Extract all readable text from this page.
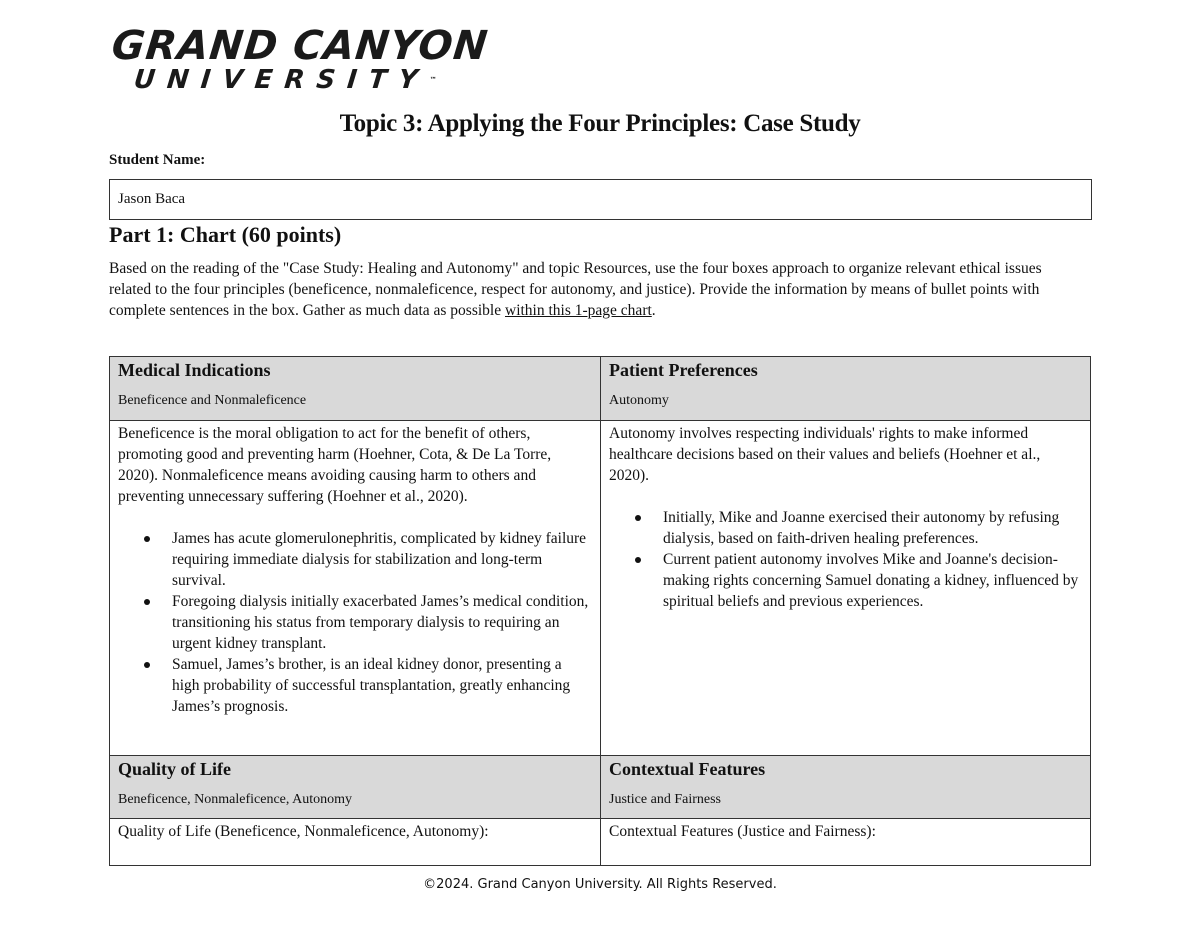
GRAND CANYON
UNIVERSITY™
Topic 3: Applying the Four Principles: Case Study
Student Name:
Jason Baca
Part 1: Chart (60 points)
Based on the reading of the "Case Study: Healing and Autonomy" and topic Resources, use the four boxes approach to organize relevant ethical issues related to the four principles (beneficence, nonmaleficence, respect for autonomy, and justice). Provide the information by means of bullet points with complete sentences in the box. Gather as much data as possible within this 1-page chart.
Medical Indications
Beneficence and Nonmaleficence
Patient Preferences
Autonomy

Beneficence is the moral obligation to act for the benefit of others, promoting good and preventing harm (Hoehner, Cota, & De La Torre, 2020). Nonmaleficence means avoiding causing harm to others and preventing unnecessary suffering (Hoehner et al., 2020).

James has acute glomerulonephritis, complicated by kidney failure requiring immediate dialysis for stabilization and long-term survival.
Foregoing dialysis initially exacerbated James’s medical condition, transitioning his status from temporary dialysis to requiring an urgent kidney transplant.
Samuel, James’s brother, is an ideal kidney donor, presenting a high probability of successful transplantation, greatly enhancing James’s prognosis.

Autonomy involves respecting individuals' rights to make informed healthcare decisions based on their values and beliefs (Hoehner et al., 2020).

Initially, Mike and Joanne exercised their autonomy by refusing dialysis, based on faith-driven healing preferences.
Current patient autonomy involves Mike and Joanne's decision-making rights concerning Samuel donating a kidney, influenced by spiritual beliefs and previous experiences.
Quality of Life
Beneficence, Nonmaleficence, Autonomy
Contextual Features
Justice and Fairness
Quality of Life (Beneficence, Nonmaleficence, Autonomy):	Contextual Features (Justice and Fairness):
©2024. Grand Canyon University. All Rights Reserved.
